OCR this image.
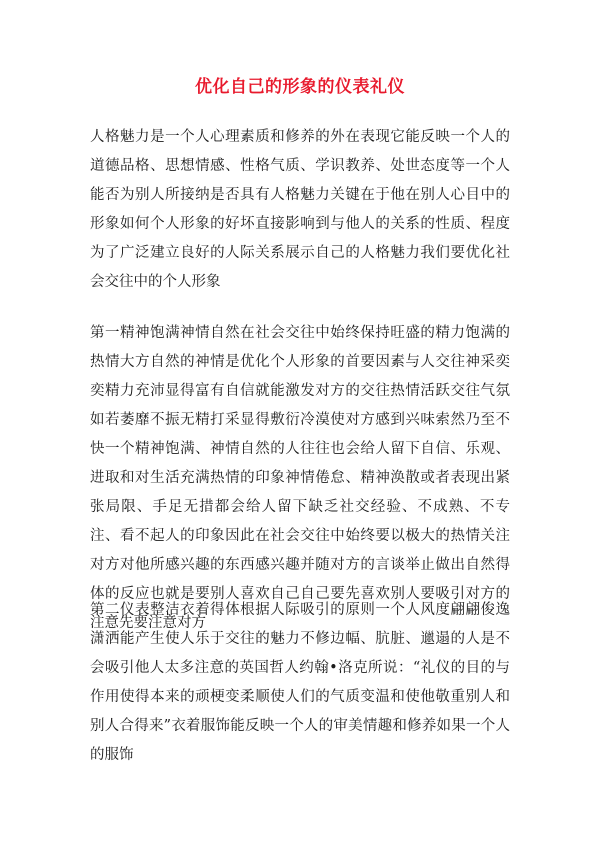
优化自己的形象的仪表礼仪

人格魅力是一个人心理素质和修养的外在表现它能反映一个人的道德品格、思想情感、性格气质、学识教养、处世态度等一个人能否为别人所接纳是否具有人格魅力关键在于他在别人心目中的形象如何个人形象的好坏直接影响到与他人的关系的性质、程度为了广泛建立良好的人际关系展示自己的人格魅力我们要优化社会交往中的个人形象

第一精神饱满神情自然在社会交往中始终保持旺盛的精力饱满的热情大方自然的神情是优化个人形象的首要因素与人交往神采奕奕精力充沛显得富有自信就能激发对方的交往热情活跃交往气氛如若萎靡不振无精打采显得敷衍冷漠使对方感到兴味索然乃至不快一个精神饱满、神情自然的人往往也会给人留下自信、乐观、进取和对生活充满热情的印象神情倦怠、精神涣散或者表现出紧张局限、手足无措都会给人留下缺乏社交经验、不成熟、不专注、看不起人的印象因此在社会交往中始终要以极大的热情关注对方对他所感兴趣的东西感兴趣并随对方的言谈举止做出自然得体的反应也就是要别人喜欢自己自己要先喜欢别人要吸引对方的注意先要注意对方

第二仪表整洁衣着得体根据人际吸引的原则一个人风度翩翩俊逸潇洒能产生使人乐于交往的魅力不修边幅、肮脏、邋遢的人是不会吸引他人太多注意的英国哲人约翰•洛克所说：“礼仪的目的与作用使得本来的顽梗变柔顺使人们的气质变温和使他敬重别人和别人合得来”衣着服饰能反映一个人的审美情趣和修养如果一个人的服饰
